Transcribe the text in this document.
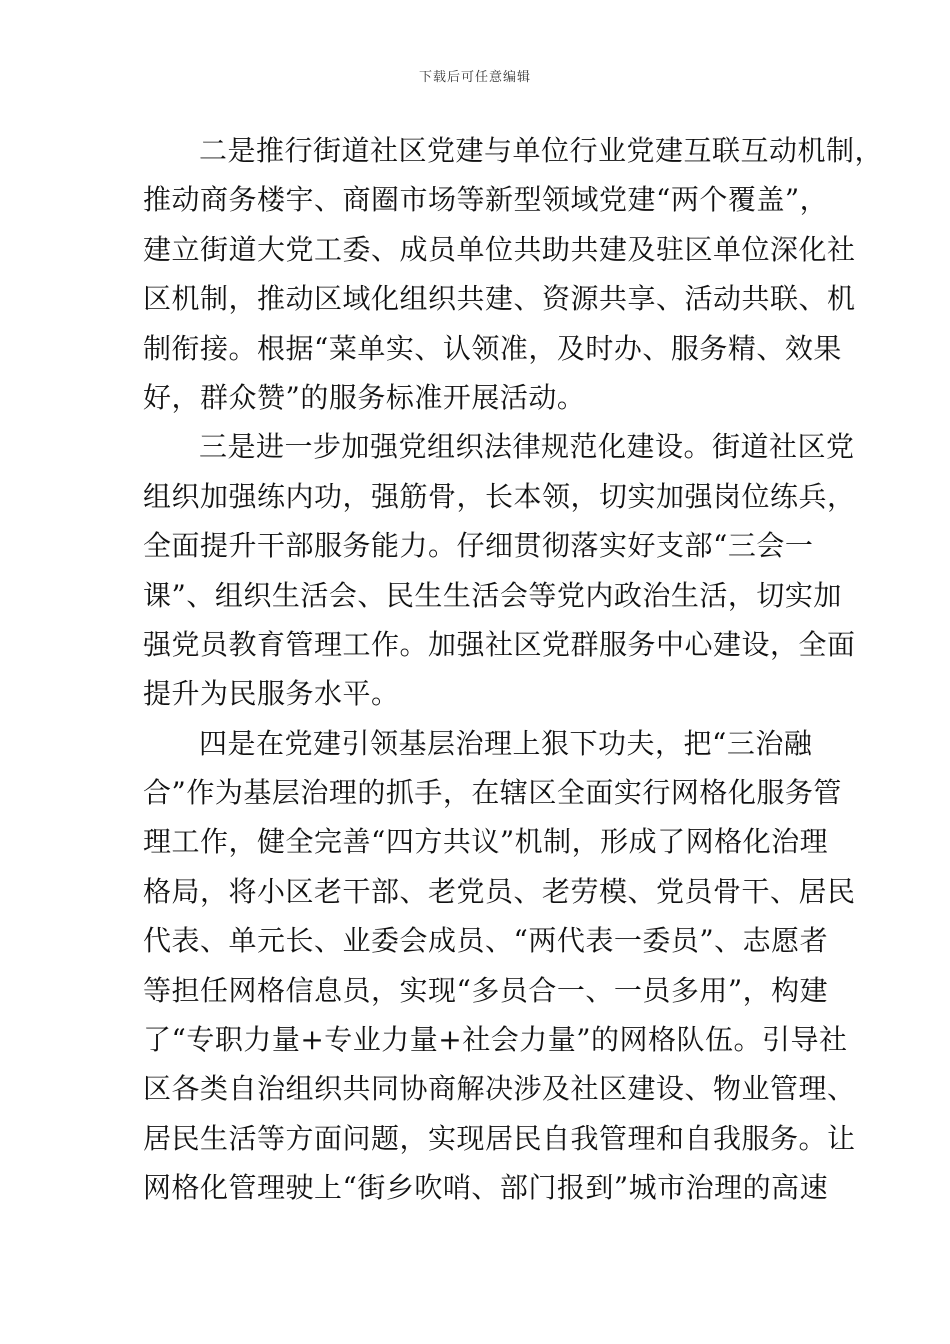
下载后可任意编辑
二是推行街道社区党建与单位行业党建互联互动机制，
推动商务楼宇、商圈市场等新型领域党建“两个覆盖”，
建立街道大党工委、成员单位共助共建及驻区单位深化社
区机制，推动区域化组织共建、资源共享、活动共联、机
制衔接。根据“菜单实、认领准，及时办、服务精、效果
好，群众赞”的服务标准开展活动。
三是进一步加强党组织法律规范化建设。街道社区党
组织加强练内功，强筋骨，长本领，切实加强岗位练兵，
全面提升干部服务能力。仔细贯彻落实好支部“三会一
课”、组织生活会、民生生活会等党内政治生活，切实加
强党员教育管理工作。加强社区党群服务中心建设，全面
提升为民服务水平。
四是在党建引领基层治理上狠下功夫，把“三治融
合”作为基层治理的抓手，在辖区全面实行网格化服务管
理工作，健全完善“四方共议”机制，形成了网格化治理
格局，将小区老干部、老党员、老劳模、党员骨干、居民
代表、单元长、业委会成员、“两代表一委员”、志愿者
等担任网格信息员，实现“多员合一、一员多用”，构建
了“专职力量+专业力量+社会力量”的网格队伍。引导社
区各类自治组织共同协商解决涉及社区建设、物业管理、
居民生活等方面问题，实现居民自我管理和自我服务。让
网格化管理驶上“街乡吹哨、部门报到”城市治理的高速
